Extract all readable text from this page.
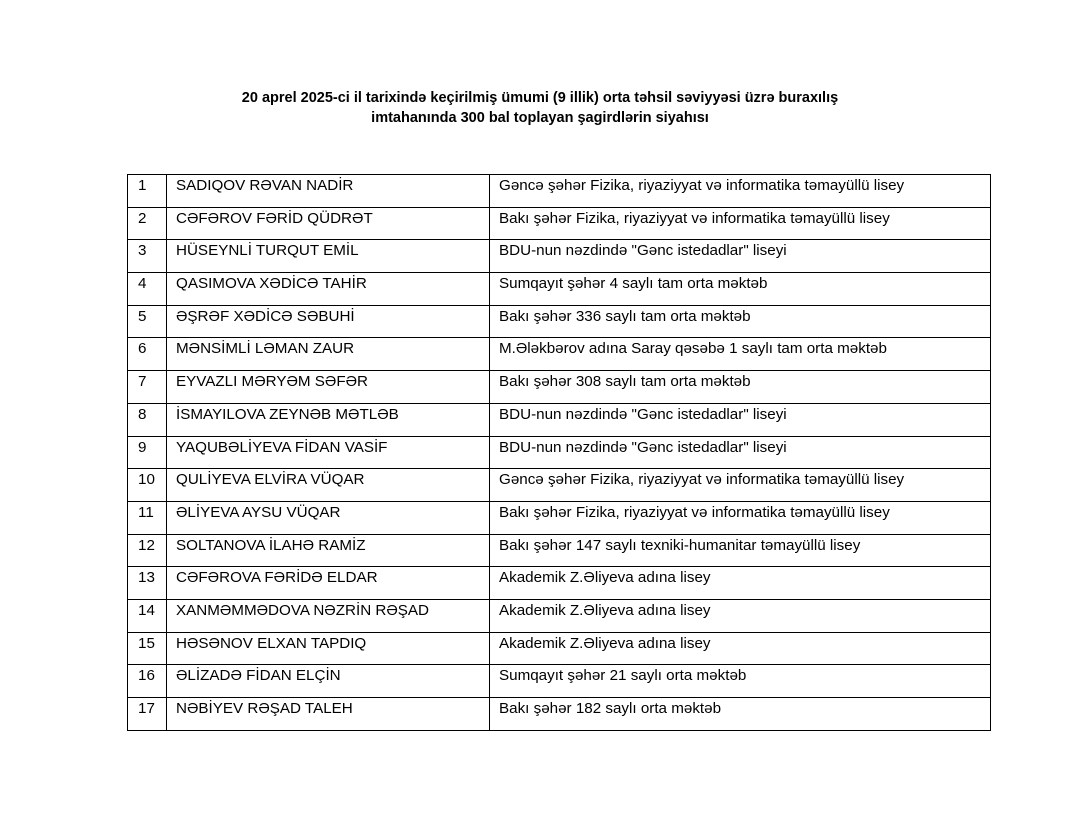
20 aprel 2025-ci il tarixində keçirilmiş ümumi (9 illik) orta təhsil səviyyəsi üzrə buraxılış
imtahanında 300 bal toplayan şagirdlərin siyahısı
1	SADIQOV RƏVAN NADİR	Gəncə şəhər Fizika, riyaziyyat və informatika təmayüllü lisey
2	CƏFƏROV FƏRİD QÜDRƏT	Bakı şəhər Fizika, riyaziyyat və informatika təmayüllü lisey
3	HÜSEYNLİ TURQUT EMİL	BDU-nun nəzdində "Gənc istedadlar" liseyi
4	QASIMOVA XƏDİCƏ TAHİR	Sumqayıt şəhər 4 saylı tam orta məktəb
5	ƏŞRƏF XƏDİCƏ SƏBUHİ	Bakı şəhər 336 saylı tam orta məktəb
6	MƏNSİMLİ LƏMAN ZAUR	M.Ələkbərov adına Saray qəsəbə 1 saylı tam orta məktəb
7	EYVAZLI MƏRYƏM SƏFƏR	Bakı şəhər 308 saylı tam orta məktəb
8	İSMAYILOVA ZEYNƏB MƏTLƏB	BDU-nun nəzdində "Gənc istedadlar" liseyi
9	YAQUBƏLİYEVA FİDAN VASİF	BDU-nun nəzdində "Gənc istedadlar" liseyi
10	QULİYEVA ELVİRA VÜQAR	Gəncə şəhər Fizika, riyaziyyat və informatika təmayüllü lisey
11	ƏLİYEVA AYSU VÜQAR	Bakı şəhər Fizika, riyaziyyat və informatika təmayüllü lisey
12	SOLTANOVA İLAHƏ RAMİZ	Bakı şəhər 147 saylı texniki-humanitar təmayüllü lisey
13	CƏFƏROVA FƏRİDƏ ELDAR	Akademik Z.Əliyeva adına lisey
14	XANMƏMMƏDOVA NƏZRİN RƏŞAD	Akademik Z.Əliyeva adına lisey
15	HƏSƏNOV ELXAN TAPDIQ	Akademik Z.Əliyeva adına lisey
16	ƏLİZADƏ FİDAN ELÇİN	Sumqayıt şəhər 21 saylı orta məktəb
17	NƏBİYEV RƏŞAD TALEH	Bakı şəhər 182 saylı orta məktəb
